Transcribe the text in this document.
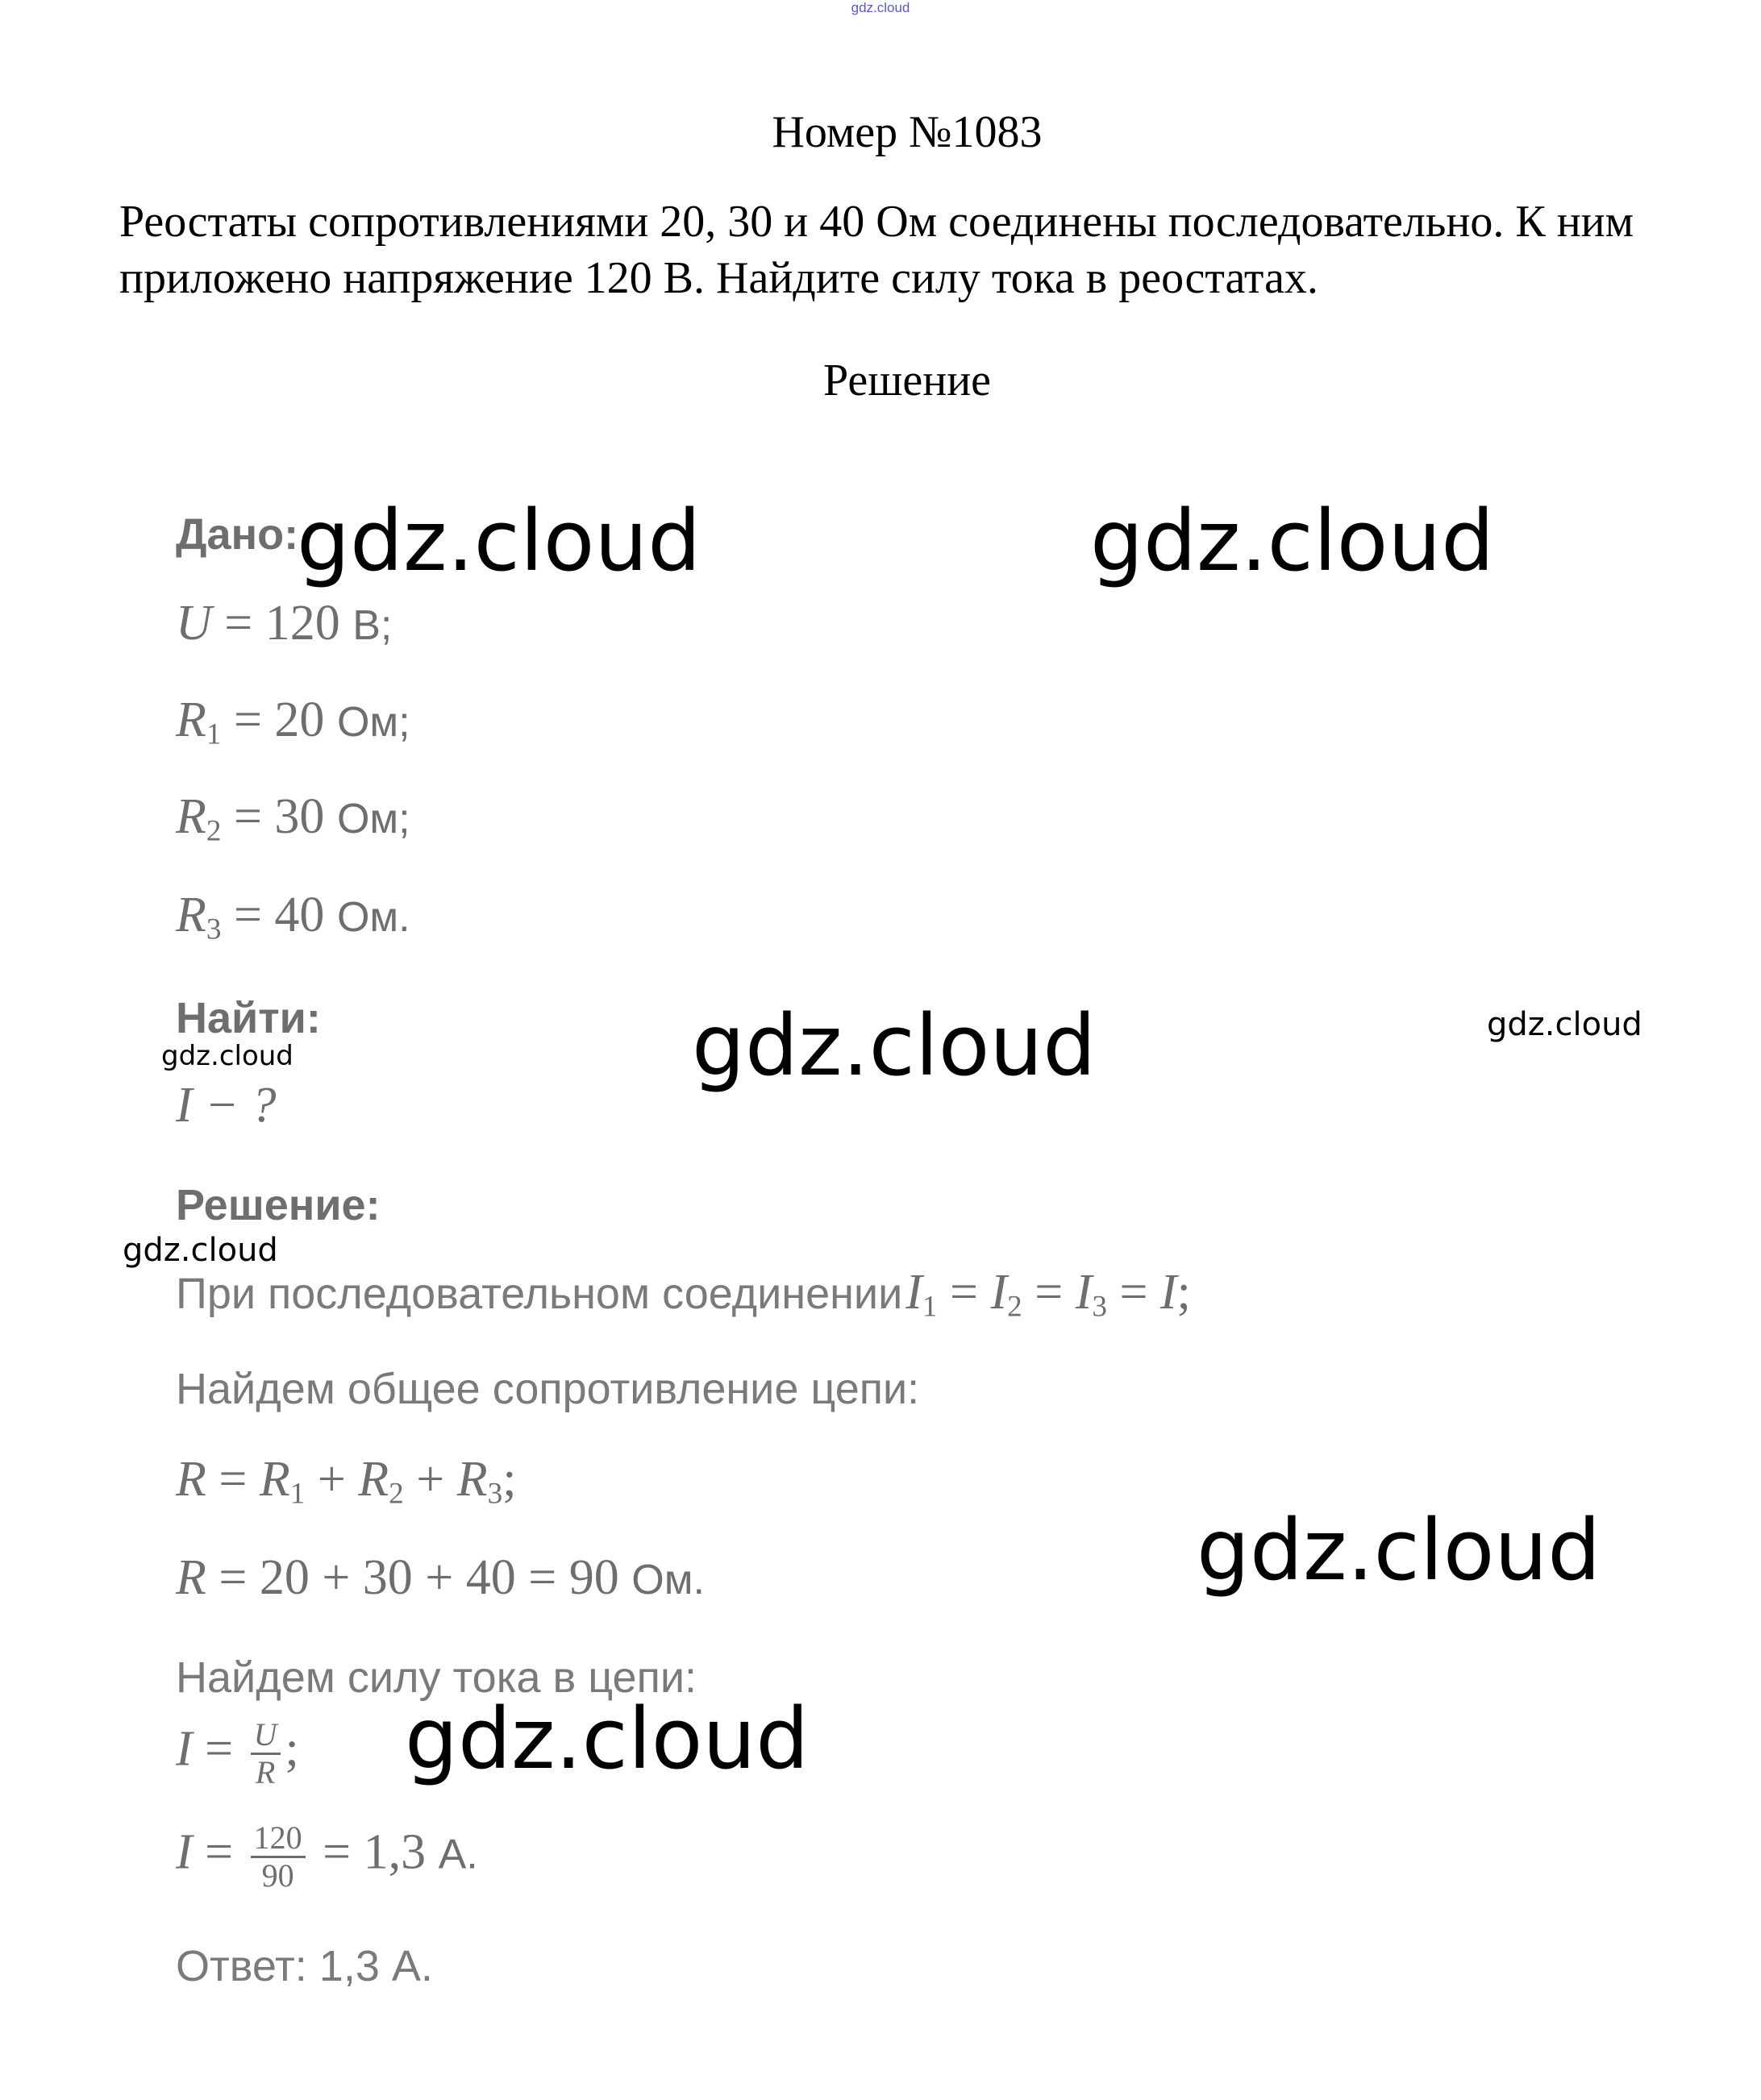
gdz.cloud
Номер №1083
Реостаты сопротивлениями 20, 30 и 40 Ом соединены последовательно. К ним приложено напряжение 120 В. Найдите силу тока в реостатах.
Решение
Дано:
U = 120 В;
$R_1 = 20$ Ом;
$R_2 = 30$ Ом;
$R_3 = 40$ Ом.
Найти:
I − ?
Решение:
При последовательном соединении $I_1 = I_2 = I_3 = I$;
Найдем общее сопротивление цепи:
$R = R_1 + R_2 + R_3$;
R = 20 + 30 + 40 = 90 Ом.
Найдем силу тока в цепи:
$I = \frac{U}{R}$ ;
$I = \frac{120}{90} = 1,3$ А.
Ответ: 1,3 А.
gdz.cloud	gdz.cloud
gdz.cloud	gdz.cloud
gdz.cloud
gdz.cloud
gdz.cloud
gdz.cloud
